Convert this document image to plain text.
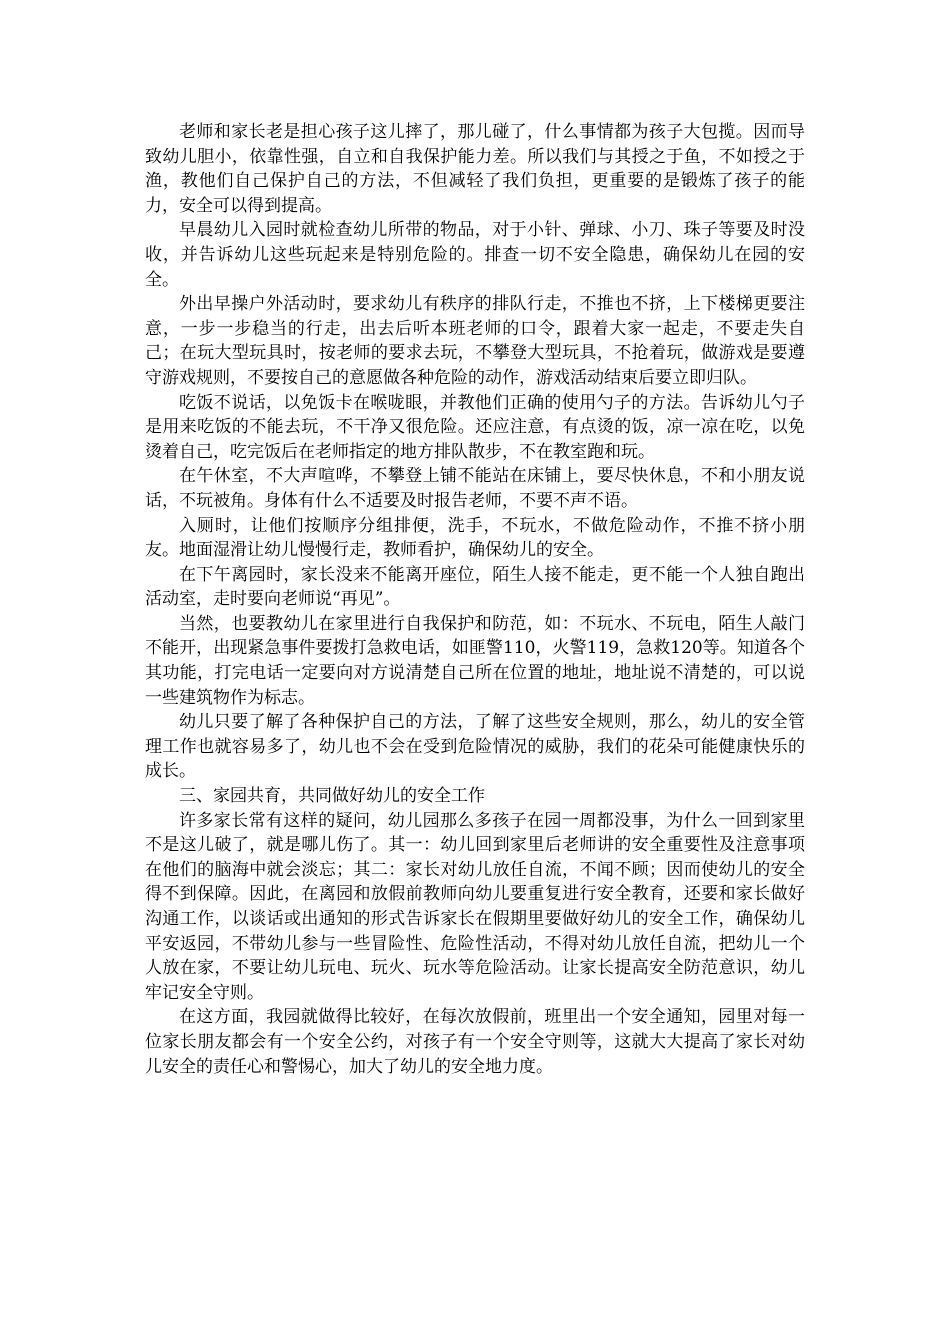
老师和家长老是担心孩子这儿摔了，那儿碰了，什么事情都为孩子大包揽。因而导致幼儿胆小，依靠性强，自立和自我保护能力差。所以我们与其授之于鱼，不如授之于渔，教他们自己保护自己的方法，不但减轻了我们负担，更重要的是锻炼了孩子的能力，安全可以得到提高。

早晨幼儿入园时就检查幼儿所带的物品，对于小针、弹球、小刀、珠子等要及时没收，并告诉幼儿这些玩起来是特别危险的。排查一切不安全隐患，确保幼儿在园的安全。

外出早操户外活动时，要求幼儿有秩序的排队行走，不推也不挤，上下楼梯更要注意，一步一步稳当的行走，出去后听本班老师的口令，跟着大家一起走，不要走失自己；在玩大型玩具时，按老师的要求去玩，不攀登大型玩具，不抢着玩，做游戏是要遵守游戏规则，不要按自己的意愿做各种危险的动作，游戏活动结束后要立即归队。

吃饭不说话，以免饭卡在喉咙眼，并教他们正确的使用勺子的方法。告诉幼儿勺子是用来吃饭的不能去玩，不干净又很危险。还应注意，有点烫的饭，凉一凉在吃，以免烫着自己，吃完饭后在老师指定的地方排队散步，不在教室跑和玩。

在午休室，不大声喧哗，不攀登上铺不能站在床铺上，要尽快休息，不和小朋友说话，不玩被角。身体有什么不适要及时报告老师，不要不声不语。

入厕时，让他们按顺序分组排便，洗手，不玩水，不做危险动作，不推不挤小朋友。地面湿滑让幼儿慢慢行走，教师看护，确保幼儿的安全。

在下午离园时，家长没来不能离开座位，陌生人接不能走，更不能一个人独自跑出活动室，走时要向老师说“再见”。

当然，也要教幼儿在家里进行自我保护和防范，如：不玩水、不玩电，陌生人敲门不能开，出现紧急事件要拨打急救电话，如匪警110，火警119，急救120等。知道各个其功能，打完电话一定要向对方说清楚自己所在位置的地址，地址说不清楚的，可以说一些建筑物作为标志。

幼儿只要了解了各种保护自己的方法，了解了这些安全规则，那么，幼儿的安全管理工作也就容易多了，幼儿也不会在受到危险情况的威胁，我们的花朵可能健康快乐的成长。

三、家园共育，共同做好幼儿的安全工作

许多家长常有这样的疑问，幼儿园那么多孩子在园一周都没事，为什么一回到家里不是这儿破了，就是哪儿伤了。其一：幼儿回到家里后老师讲的安全重要性及注意事项在他们的脑海中就会淡忘；其二：家长对幼儿放任自流，不闻不顾；因而使幼儿的安全得不到保障。因此，在离园和放假前教师向幼儿要重复进行安全教育，还要和家长做好沟通工作，以谈话或出通知的形式告诉家长在假期里要做好幼儿的安全工作，确保幼儿平安返园，不带幼儿参与一些冒险性、危险性活动，不得对幼儿放任自流，把幼儿一个人放在家，不要让幼儿玩电、玩火、玩水等危险活动。让家长提高安全防范意识，幼儿牢记安全守则。

在这方面，我园就做得比较好，在每次放假前，班里出一个安全通知，园里对每一位家长朋友都会有一个安全公约，对孩子有一个安全守则等，这就大大提高了家长对幼儿安全的责任心和警惕心，加大了幼儿的安全地力度。
